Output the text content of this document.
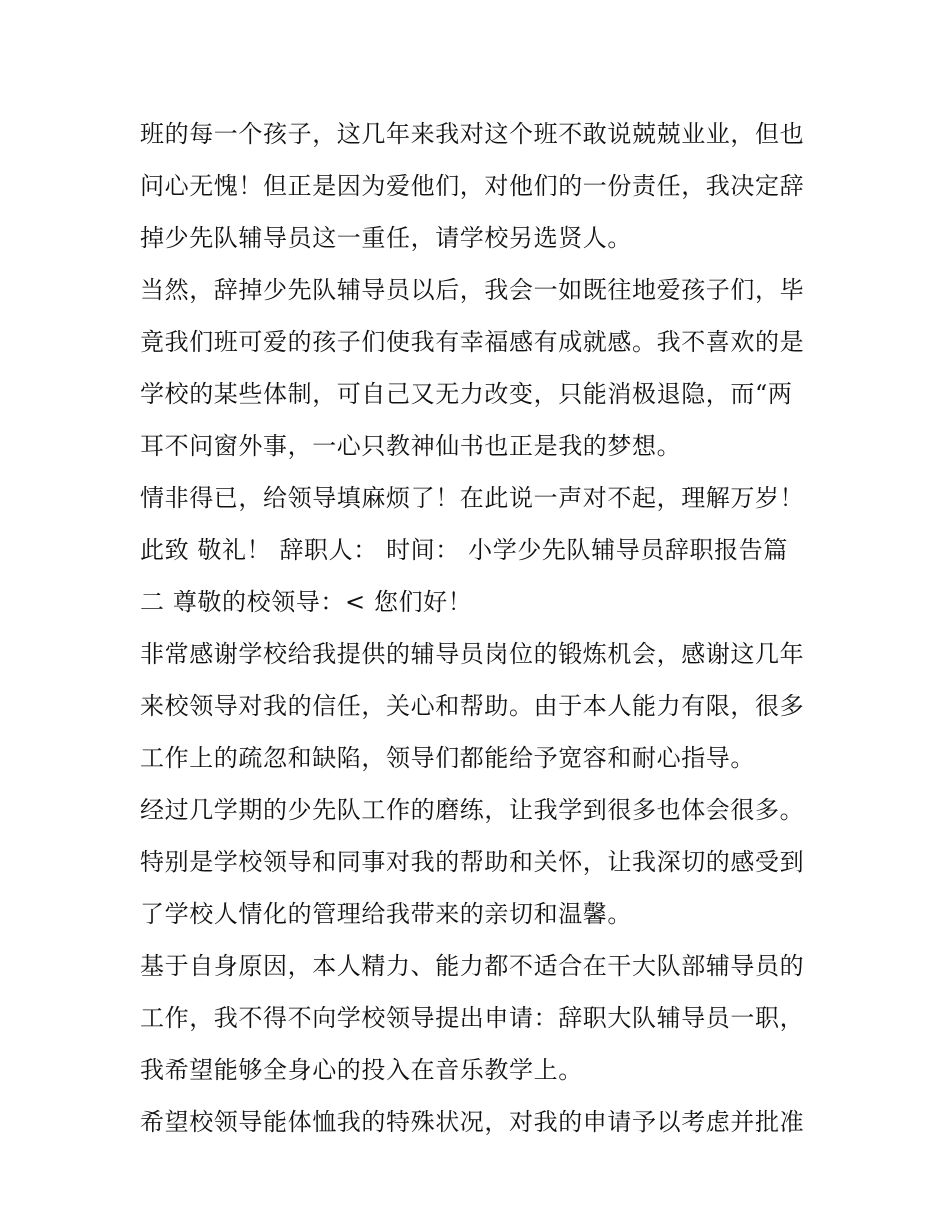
班的每一个孩子，这几年来我对这个班不敢说兢兢业业，但也
问心无愧！但正是因为爱他们，对他们的一份责任，我决定辞
掉少先队辅导员这一重任，请学校另选贤人。
当然，辞掉少先队辅导员以后，我会一如既往地爱孩子们，毕
竟我们班可爱的孩子们使我有幸福感有成就感。我不喜欢的是
学校的某些体制，可自己又无力改变，只能消极退隐，而“两
耳不问窗外事，一心只教神仙书也正是我的梦想。
情非得已，给领导填麻烦了！在此说一声对不起，理解万岁！
此致 敬礼！ 辞职人： 时间： 小学少先队辅导员辞职报告篇
二 尊敬的校领导：< 您们好！
非常感谢学校给我提供的辅导员岗位的锻炼机会，感谢这几年
来校领导对我的信任，关心和帮助。由于本人能力有限，很多
工作上的疏忽和缺陷，领导们都能给予宽容和耐心指导。
经过几学期的少先队工作的磨练，让我学到很多也体会很多。
特别是学校领导和同事对我的帮助和关怀，让我深切的感受到
了学校人情化的管理给我带来的亲切和温馨。
基于自身原因，本人精力、能力都不适合在干大队部辅导员的
工作，我不得不向学校领导提出申请：辞职大队辅导员一职，
我希望能够全身心的投入在音乐教学上。
希望校领导能体恤我的特殊状况，对我的申请予以考虑并批准
